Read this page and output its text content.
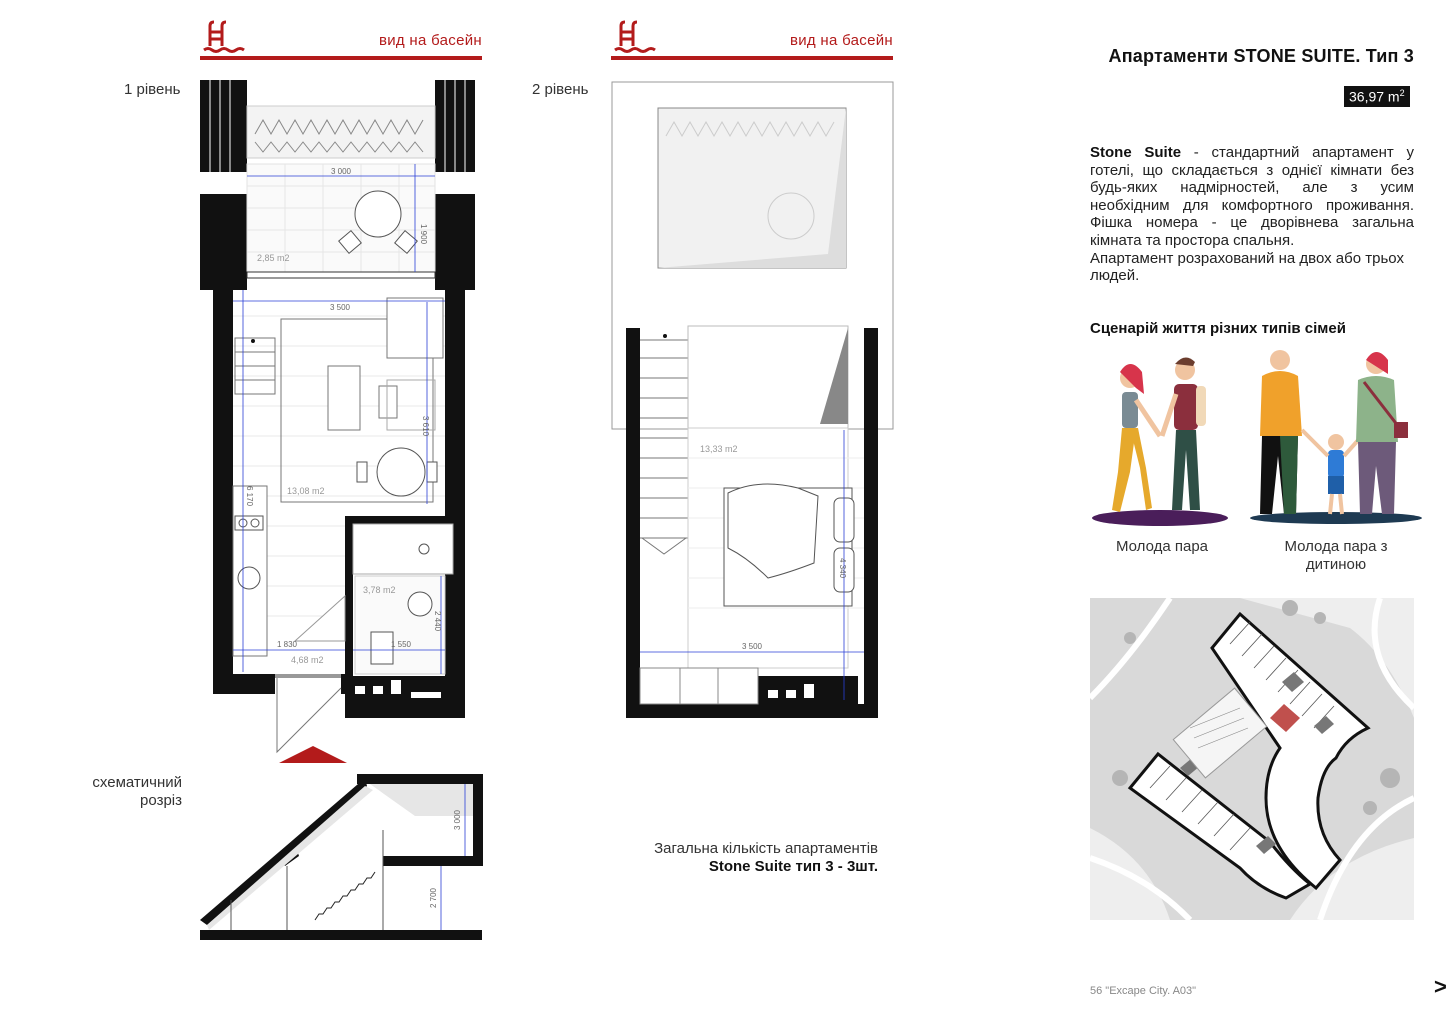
вид на басейн	вид на басейн
1 рівень	2 рівень
3 000
1 900
2,85 m2
3 500
3 610
6 170	13,08 m2
3,78 m2
2 440
1 830	1 550
4,68 m2
13,33 m2
4 340
3 500
схематичний
розріз
3 000
2 700
Загальна кількість апартаментів
Stone Suite тип 3 - 3шт.
Апартаменти STONE SUITE. Тип 3
36,97 $m^2$
Stone Suite - стандартний апартамент у готелі, що складається з однієї кімнати без будь-яких надмірностей, але з усим необхідним для комфортного проживання. Фішка номера - це дворівнева загальна кімната та простора спальня.
Апартамент розрахований на двох або трьох людей.
Сценарій життя різних типів сімей
Молода пара	Молода пара з дитиною
56 "Excape City. A03"	>
